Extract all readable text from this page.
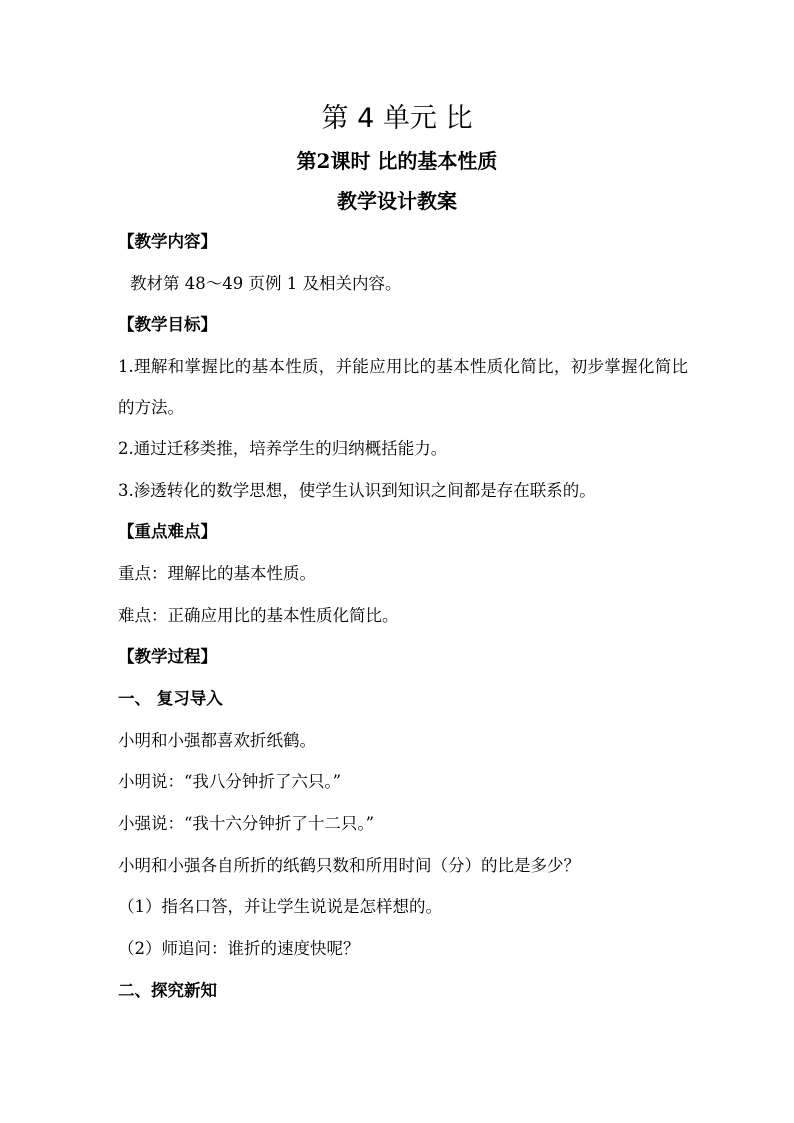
第 4 单元 比
第2课时 比的基本性质
教学设计教案
【教学内容】
教材第 48～49 页例 1 及相关内容。
【教学目标】
1.理解和掌握比的基本性质，并能应用比的基本性质化简比，初步掌握化简比的方法。
2.通过迁移类推，培养学生的归纳概括能力。
3.渗透转化的数学思想，使学生认识到知识之间都是存在联系的。
【重点难点】
重点：理解比的基本性质。
难点：正确应用比的基本性质化简比。
【教学过程】
一、 复习导入
小明和小强都喜欢折纸鹤。
小明说：“我八分钟折了六只。”
小强说：“我十六分钟折了十二只。”
小明和小强各自所折的纸鹤只数和所用时间（分）的比是多少？
（1）指名口答，并让学生说说是怎样想的。
（2）师追问：谁折的速度快呢？
二、探究新知
